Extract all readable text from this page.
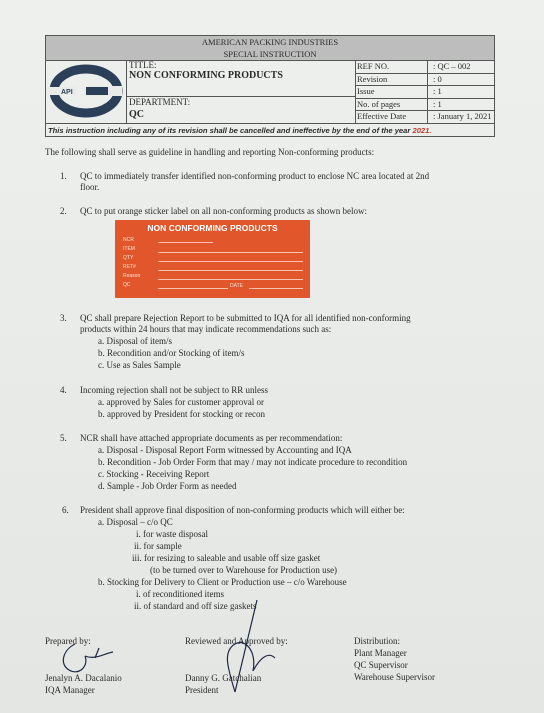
AMERICAN PACKING INDUSTRIES
SPECIAL INSTRUCTION
API
TITLE:
NON CONFORMING PRODUCTS
DEPARTMENT:
QC
REF NO.	: QC – 002
Revision	: 0
Issue	: 1
No. of pages	: 1
Effective Date	: January 1, 2021
This instruction including any of its revision shall be cancelled and ineffective by the end of the year 2021.
The following shall serve as guideline in handling and reporting Non-conforming products:
1. QC to immediately transfer identified non-conforming product to enclose NC area located at 2nd
floor.
2. QC to put orange sticker label on all non-conforming products as shown below:
NON CONFORMING PRODUCTS
NCR
ITEM
QTY
RET#
Reason
QC	DATE
3. QC shall prepare Rejection Report to be submitted to IQA for all identified non-conforming
products within 24 hours that may indicate recommendations such as:
a. Disposal of item/s
b. Recondition and/or Stocking of item/s
c. Use as Sales Sample
4. Incoming rejection shall not be subject to RR unless
a. approved by Sales for customer approval or
b. approved by President for stocking or recon
5. NCR shall have attached appropriate documents as per recommendation:
a. Disposal - Disposal Report Form witnessed by Accounting and IQA
b. Recondition - Job Order Form that may / may not indicate procedure to recondition
c. Stocking - Receiving Report
d. Sample - Job Order Form as needed
6. President shall approve final disposition of non-conforming products which will either be:
a. Disposal – c/o QC
i. for waste disposal
ii. for sample
iii. for resizing to saleable and usable off size gasket
(to be turned over to Warehouse for Production use)
b. Stocking for Delivery to Client or Production use – c/o Warehouse
i. of reconditioned items
ii. of standard and off size gaskets
Prepared by:
Jenalyn A. Dacalanio
IQA Manager
Reviewed and Approved by:
Danny G. Gatchalian
President
Distribution:
Plant Manager
QC Supervisor
Warehouse Supervisor
